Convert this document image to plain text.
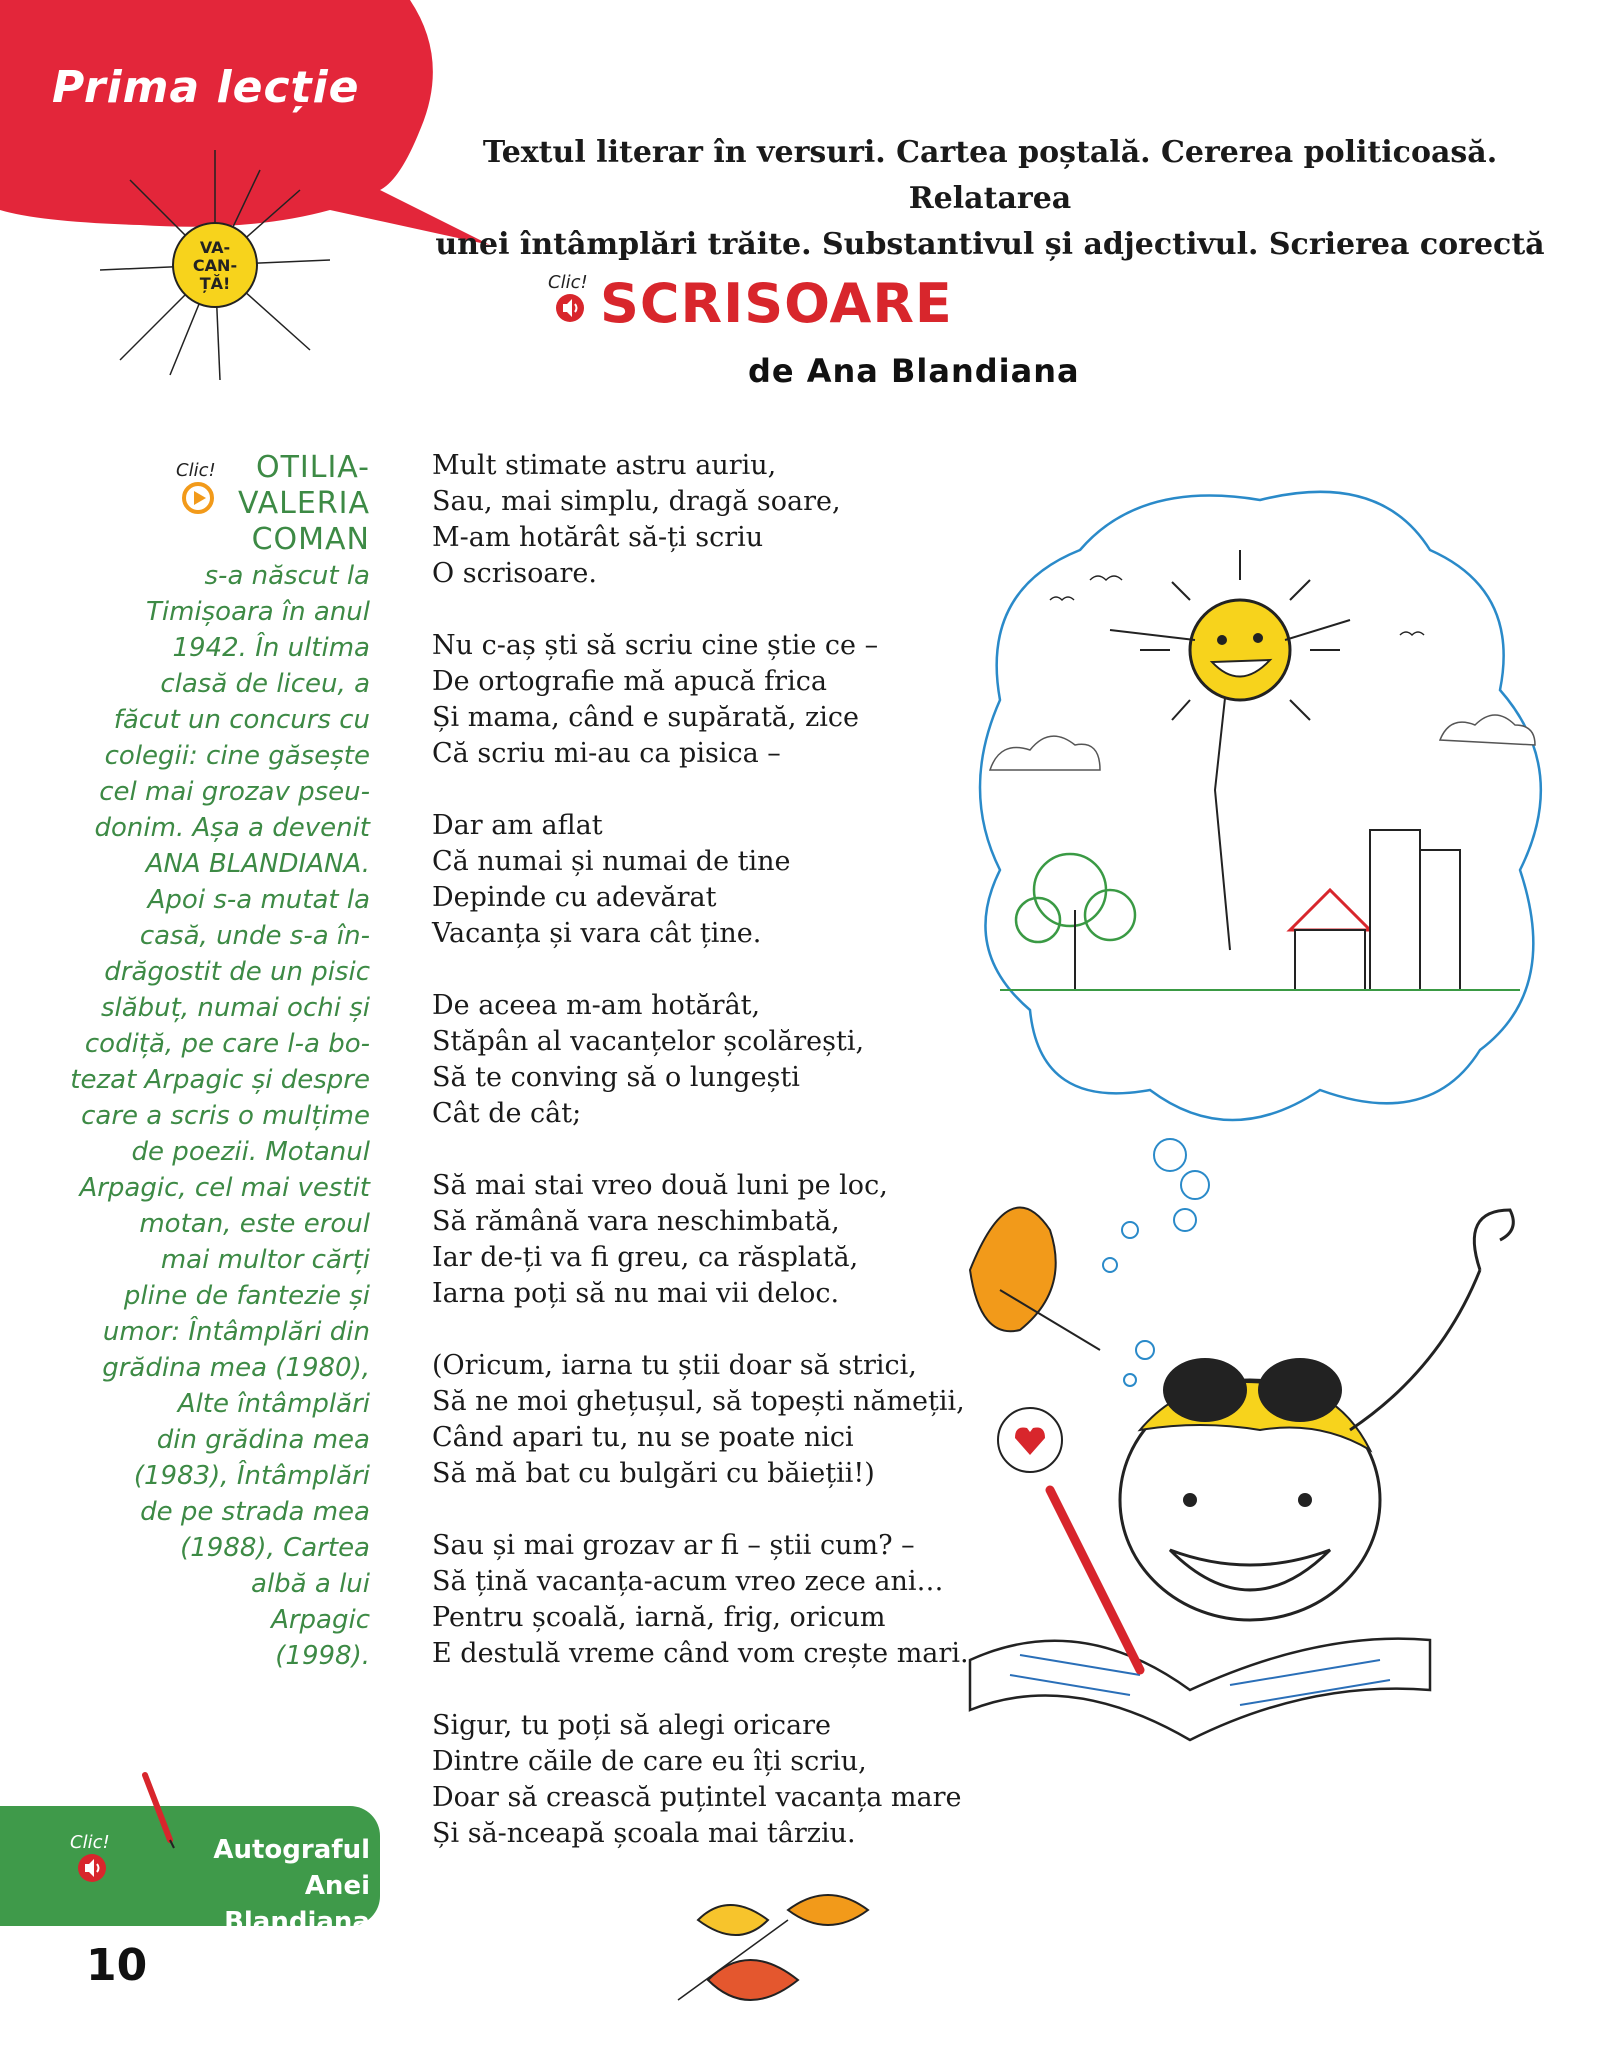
Prima lecție
VA-
CAN-
ȚĂ!
Textul literar în versuri. Cartea poștală. Cererea politicoasă. Relatarea
unei întâmplări trăite. Substantivul și adjectivul. Scrierea corectă
Clic! SCRISOARE
de Ana Blandiana
Clic!	OTILIA-
VALERIA
COMAN
s-a născut la
Timișoara în anul
1942. În ultima
clasă de liceu, a
făcut un concurs cu
colegii: cine găsește
cel mai grozav pseu-
donim. Așa a devenit
ANA BLANDIANA.
Apoi s-a mutat la
casă, unde s-a în-
drăgostit de un pisic
slăbuț, numai ochi și
codiță, pe care l-a bo-
tezat Arpagic și despre
care a scris o mulțime
de poezii. Motanul
Arpagic, cel mai vestit
motan, este eroul
mai multor cărți
pline de fantezie și
umor: Întâmplări din
grădina mea (1980),
Alte întâmplări
din grădina mea
(1983), Întâmplări
de pe strada mea
(1988), Cartea
albă a lui
Arpagic
(1998).
Mult stimate astru auriu,
Sau, mai simplu, dragă soare,
M-am hotărât să-ți scriu
O scrisoare.
Nu c-aș ști să scriu cine știe ce –
De ortografie mă apucă frica
Și mama, când e supărată, zice
Că scriu mi-au ca pisica –
Dar am aflat
Că numai și numai de tine
Depinde cu adevărat
Vacanța și vara cât ține.
De aceea m-am hotărât,
Stăpân al vacanțelor școlărești,
Să te conving să o lungești
Cât de cât;
Să mai stai vreo două luni pe loc,
Să rămână vara neschimbată,
Iar de-ți va fi greu, ca răsplată,
Iarna poți să nu mai vii deloc.
(Oricum, iarna tu știi doar să strici,
Să ne moi ghețușul, să topești nămeții,
Când apari tu, nu se poate nici
Să mă bat cu bulgări cu băieții!)
Sau și mai grozav ar fi – știi cum? –
Să țină vacanța-acum vreo zece ani…
Pentru școală, iarnă, frig, oricum
E destulă vreme când vom crește mari.
Sigur, tu poți să alegi oricare
Dintre căile de care eu îți scriu,
Doar să crească puțintel vacanța mare
Și să-nceapă școala mai târziu.
Clic!	Autograful
Anei Blandiana
10
